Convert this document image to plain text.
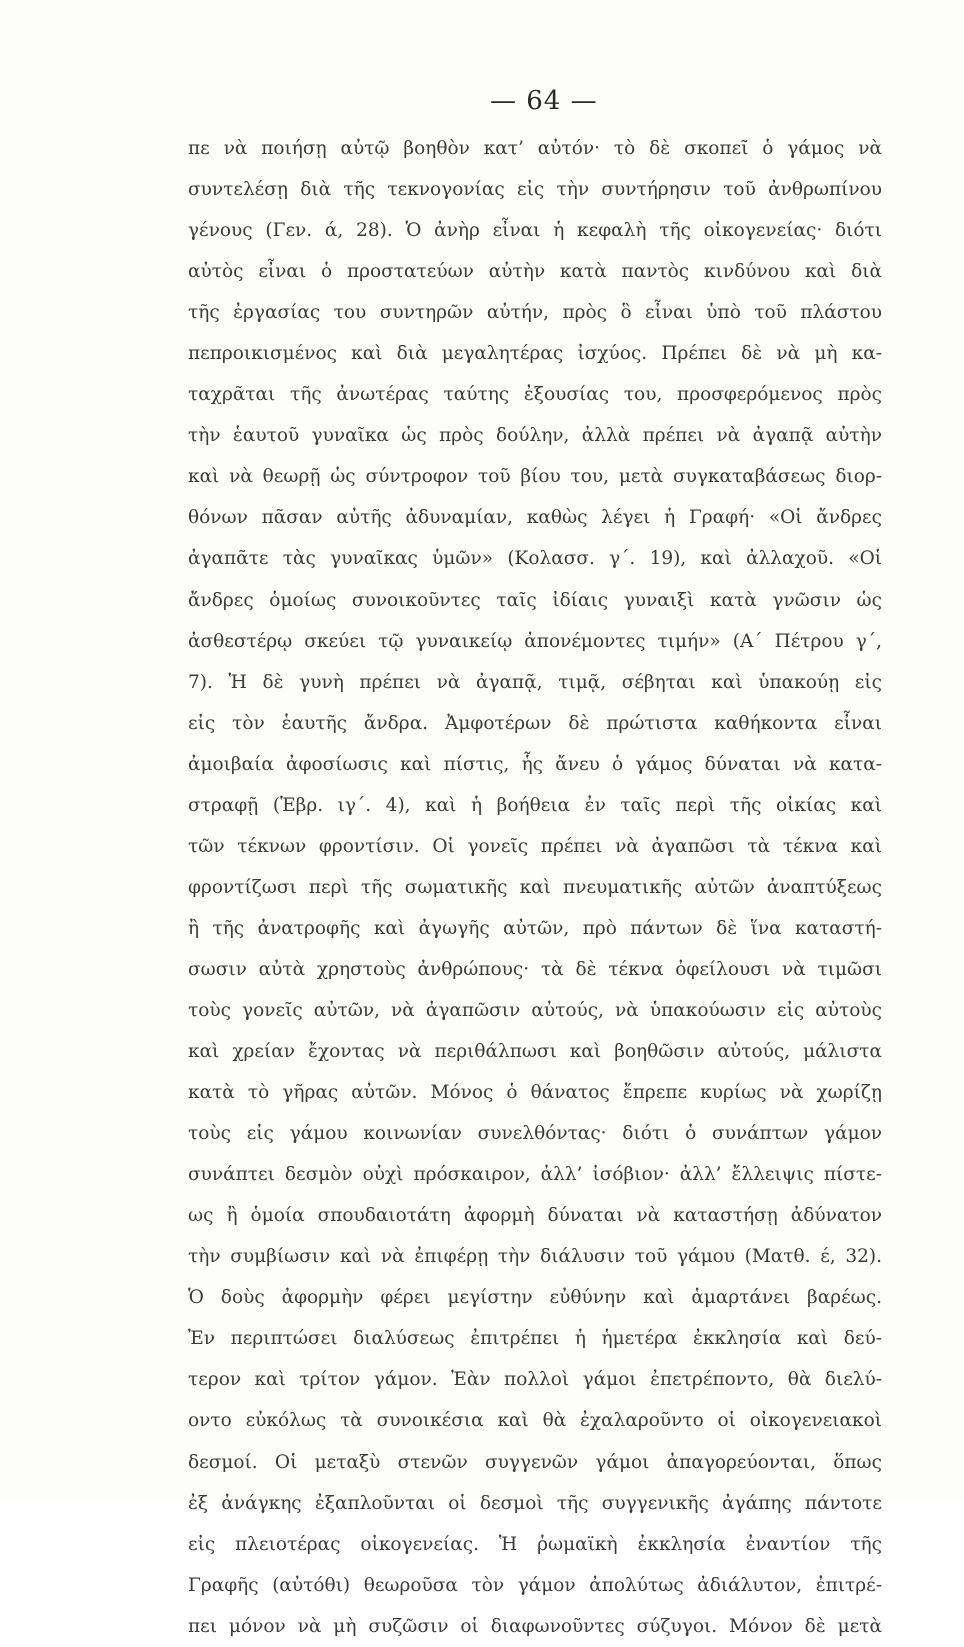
— 64 —
πε νὰ ποιήσῃ αὐτῷ βοηθὸν κατ’ αὐτόν· τὸ δὲ σκοπεῖ ὁ γάμος νὰ
συντελέσῃ διὰ τῆς τεκνογονίας εἰς τὴν συντήρησιν τοῦ ἀνθρωπίνου
γένους (Γεν. ά, 28). Ὁ ἀνὴρ εἶναι ἡ κεφαλὴ τῆς οἰκογενείας· διότι
αὐτὸς εἶναι ὁ προστατεύων αὐτὴν κατὰ παντὸς κινδύνου καὶ διὰ
τῆς ἐργασίας του συντηρῶν αὐτήν, πρὸς ὃ εἶναι ὑπὸ τοῦ πλάστου
πεπροικισμένος καὶ διὰ μεγαλητέρας ἰσχύος. Πρέπει δὲ νὰ μὴ κα-
ταχρᾶται τῆς ἀνωτέρας ταύτης ἐξουσίας του, προσφερόμενος πρὸς
τὴν ἑαυτοῦ γυναῖκα ὡς πρὸς δούλην, ἀλλὰ πρέπει νὰ ἀγαπᾷ αὐτὴν
καὶ νὰ θεωρῇ ὡς σύντροφον τοῦ βίου του, μετὰ συγκαταβάσεως διορ-
θόνων πᾶσαν αὐτῆς ἀδυναμίαν, καθὼς λέγει ἡ Γραφή· «Οἱ ἄνδρες
ἀγαπᾶτε τὰς γυναῖκας ὑμῶν» (Κολασσ. γ΄. 19), καὶ ἀλλαχοῦ. «Οἱ
ἄνδρες ὁμοίως συνοικοῦντες ταῖς ἰδίαις γυναιξὶ κατὰ γνῶσιν ὡς
ἀσθεστέρῳ σκεύει τῷ γυναικείῳ ἀπονέμοντες τιμήν» (Α΄ Πέτρου γ΄,
7). Ἡ δὲ γυνὴ πρέπει νὰ ἀγαπᾷ, τιμᾷ, σέβηται καὶ ὑπακούῃ εἰς
εἰς τὸν ἑαυτῆς ἄνδρα. Ἀμφοτέρων δὲ πρώτιστα καθήκοντα εἶναι
ἀμοιβαία ἀφοσίωσις καὶ πίστις, ἧς ἄνευ ὁ γάμος δύναται νὰ κατα-
στραφῇ (Ἑβρ. ιγ΄. 4), καὶ ἡ βοήθεια ἐν ταῖς περὶ τῆς οἰκίας καὶ
τῶν τέκνων φροντίσιν. Οἱ γονεῖς πρέπει νὰ ἀγαπῶσι τὰ τέκνα καὶ
φροντίζωσι περὶ τῆς σωματικῆς καὶ πνευματικῆς αὐτῶν ἀναπτύξεως
ἢ τῆς ἀνατροφῆς καὶ ἀγωγῆς αὐτῶν, πρὸ πάντων δὲ ἵνα καταστή-
σωσιν αὐτὰ χρηστοὺς ἀνθρώπους· τὰ δὲ τέκνα ὀφείλουσι νὰ τιμῶσι
τοὺς γονεῖς αὐτῶν, νὰ ἀγαπῶσιν αὐτούς, νὰ ὑπακούωσιν εἰς αὐτοὺς
καὶ χρείαν ἔχοντας νὰ περιθάλπωσι καὶ βοηθῶσιν αὐτούς, μάλιστα
κατὰ τὸ γῆρας αὐτῶν. Μόνος ὁ θάνατος ἔπρεπε κυρίως νὰ χωρίζῃ
τοὺς εἰς γάμου κοινωνίαν συνελθόντας· διότι ὁ συνάπτων γάμον
συνάπτει δεσμὸν οὐχὶ πρόσκαιρον, ἀλλ’ ἰσόβιον· ἀλλ’ ἔλλειψις πίστε-
ως ἢ ὁμοία σπουδαιοτάτη ἀφορμὴ δύναται νὰ καταστήσῃ ἀδύνατον
τὴν συμβίωσιν καὶ νὰ ἐπιφέρῃ τὴν διάλυσιν τοῦ γάμου (Ματθ. έ, 32).
Ὁ δοὺς ἀφορμὴν φέρει μεγίστην εὐθύνην καὶ ἁμαρτάνει βαρέως.
Ἐν περιπτώσει διαλύσεως ἐπιτρέπει ἡ ἡμετέρα ἐκκλησία καὶ δεύ-
τερον καὶ τρίτον γάμον. Ἐὰν πολλοὶ γάμοι ἐπετρέποντο, θὰ διελύ-
οντο εὐκόλως τὰ συνοικέσια καὶ θὰ ἐχαλαροῦντο οἱ οἰκογενειακοὶ
δεσμοί. Οἱ μεταξὺ στενῶν συγγενῶν γάμοι ἀπαγορεύονται, ὅπως
ἐξ ἀνάγκης ἐξαπλοῦνται οἱ δεσμοὶ τῆς συγγενικῆς ἀγάπης πάντοτε
εἰς πλειοτέρας οἰκογενείας. Ἡ ῥωμαϊκὴ ἐκκλησία ἐναντίον τῆς
Γραφῆς (αὐτόθι) θεωροῦσα τὸν γάμον ἀπολύτως ἀδιάλυτον, ἐπιτρέ-
πει μόνον νὰ μὴ συζῶσιν οἱ διαφωνοῦντες σύζυγοι. Μόνον δὲ μετὰ
